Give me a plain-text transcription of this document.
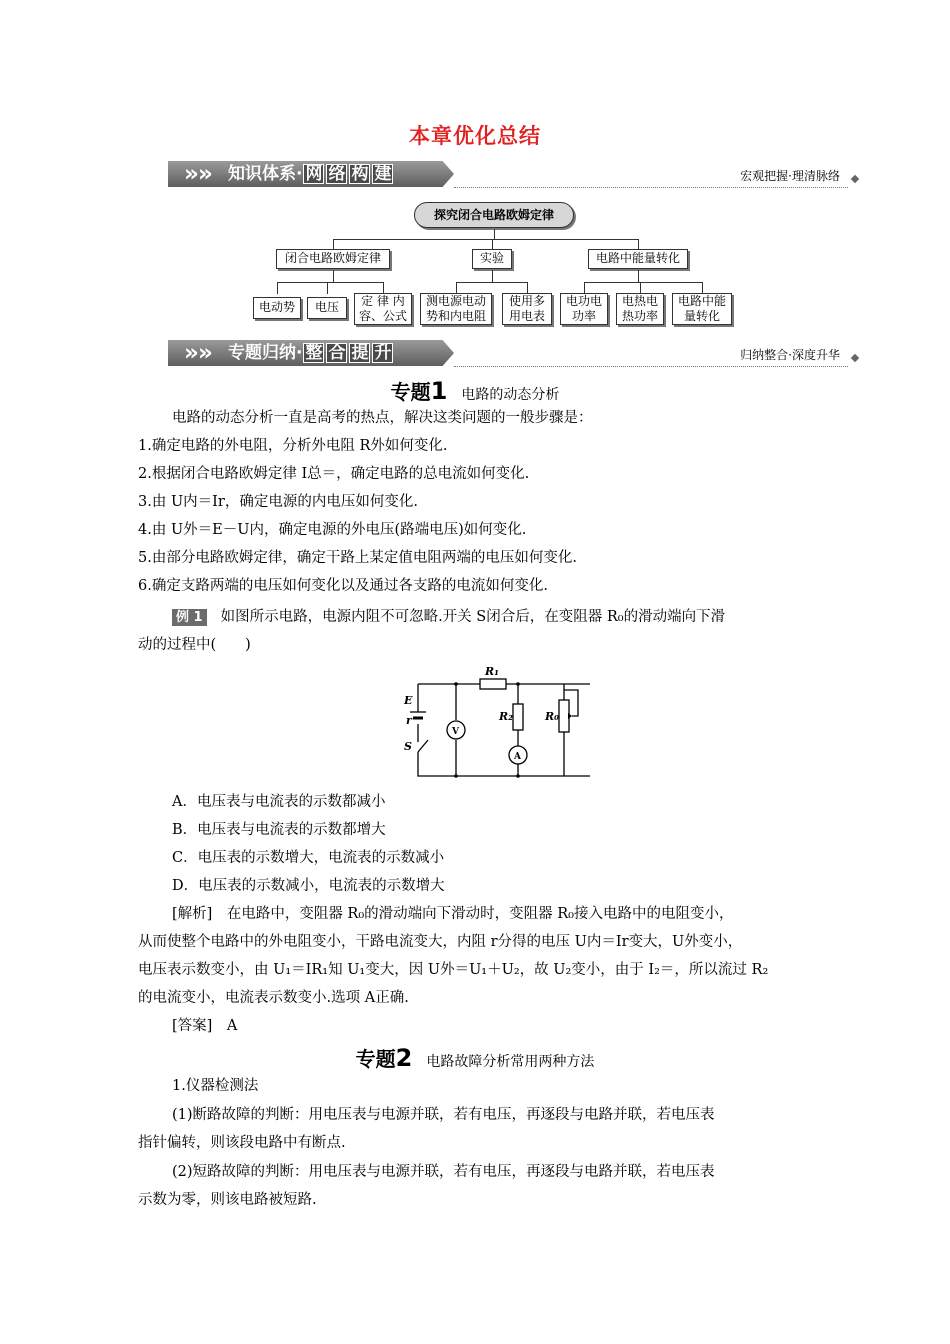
本章优化总结
» » 知识体系· 网 络 构 建	宏观把握·理清脉络
探究闭合电路欧姆定律
闭合电路欧姆定律	实验	电路中能量转化
电动势	电压	定 律 内
容、公式
测电源电动
势和内电阻
使用多
用电表
电功电
功率
电热电
热功率
电路中能
量转化
» » 专题归纳· 整 合 提 升	归纳整合·深度升华
专题1 电路的动态分析
电路的动态分析一直是高考的热点，解决这类问题的一般步骤是：
1.确定电路的外电阻，分析外电阻 R外如何变化.
2.根据闭合电路欧姆定律 I总＝，确定电路的总电流如何变化.
3.由 U内＝Ir，确定电源的内电压如何变化.
4.由 U外＝E－U内，确定电源的外电压(路端电压)如何变化.
5.由部分电路欧姆定律，确定干路上某定值电阻两端的电压如何变化.
6.确定支路两端的电压如何变化以及通过各支路的电流如何变化.
例 1 如图所示电路，电源内阻不可忽略.开关 S闭合后，在变阻器 R₀的滑动端向下滑
动的过程中(　　)
V
A
E
r
S
R₁
R₂	R₀
A．电压表与电流表的示数都减小
B．电压表与电流表的示数都增大
C．电压表的示数增大，电流表的示数减小
D．电压表的示数减小，电流表的示数增大
[解析]　在电路中，变阻器 R₀的滑动端向下滑动时，变阻器 R₀接入电路中的电阻变小，
从而使整个电路中的外电阻变小，干路电流变大，内阻 r分得的电压 U内＝Ir变大，U外变小，
电压表示数变小，由 U₁＝IR₁知 U₁变大，因 U外＝U₁＋U₂，故 U₂变小，由于 I₂＝，所以流过 R₂
的电流变小，电流表示数变小.选项 A正确.
[答案]　A
专题2 电路故障分析常用两种方法
1.仪器检测法
(1)断路故障的判断：用电压表与电源并联，若有电压，再逐段与电路并联，若电压表
指针偏转，则该段电路中有断点.
(2)短路故障的判断：用电压表与电源并联，若有电压，再逐段与电路并联，若电压表
示数为零，则该电路被短路.
